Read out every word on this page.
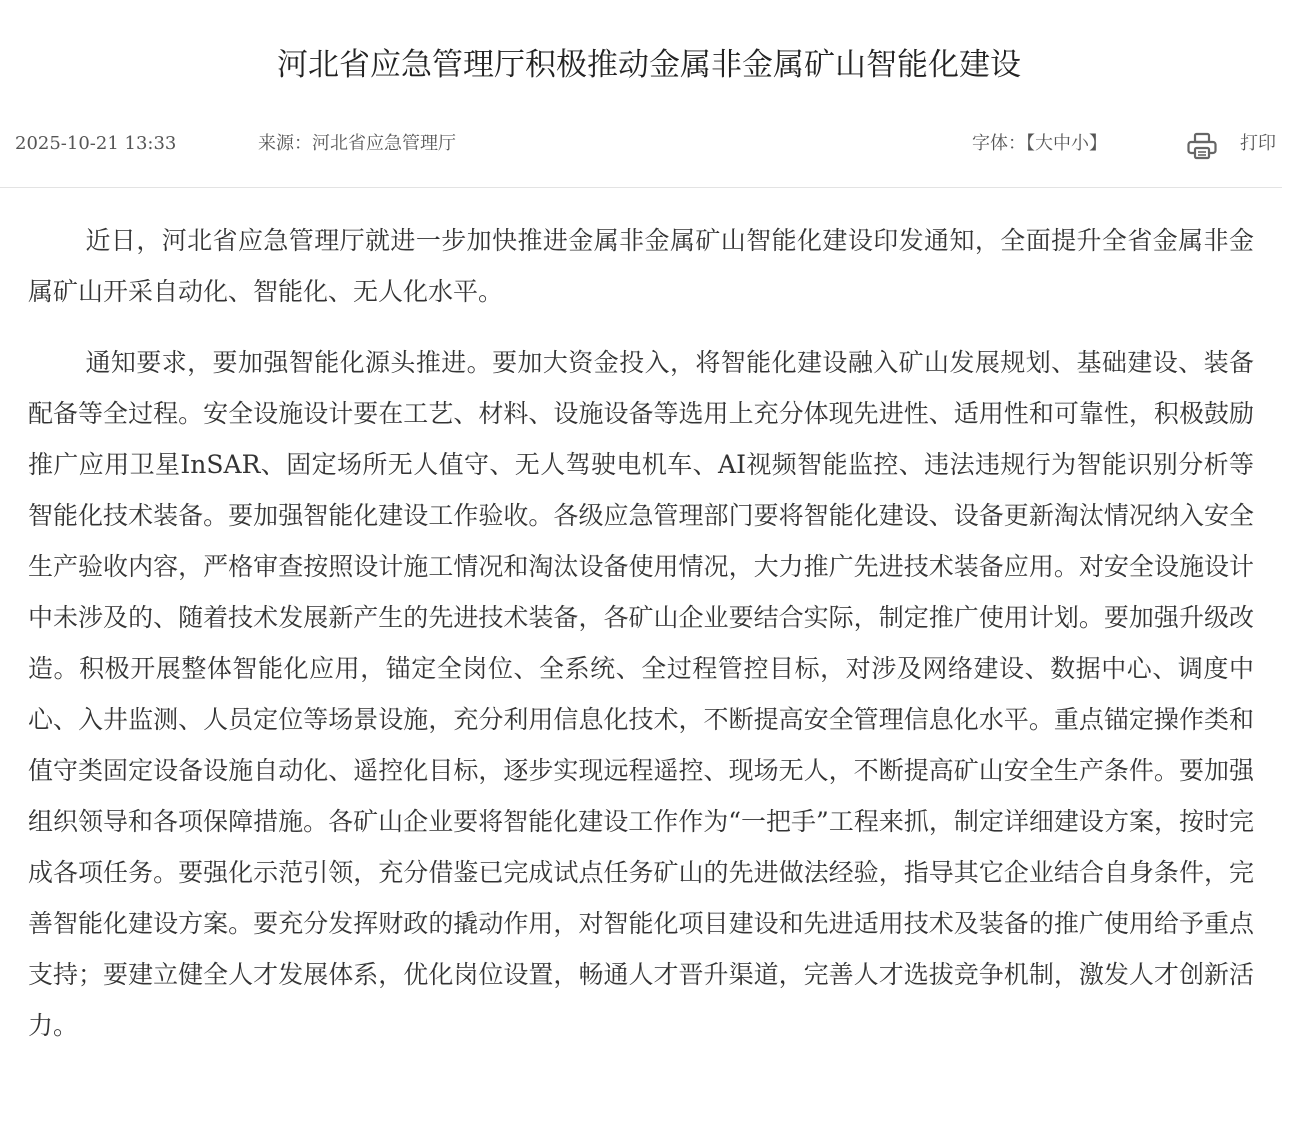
河北省应急管理厅积极推动金属非金属矿山智能化建设
2025-10-21 13:33	来源：河北省应急管理厅	字体：【大中小】	打印

近日，河北省应急管理厅就进一步加快推进金属非金属矿山智能化建设印发通知，全面提升全省金属非金属矿山开采自动化、智能化、无人化水平。

通知要求，要加强智能化源头推进。要加大资金投入，将智能化建设融入矿山发展规划、基础建设、装备配备等全过程。安全设施设计要在工艺、材料、设施设备等选用上充分体现先进性、适用性和可靠性，积极鼓励推广应用卫星InSAR、固定场所无人值守、无人驾驶电机车、AI视频智能监控、违法违规行为智能识别分析等智能化技术装备。要加强智能化建设工作验收。各级应急管理部门要将智能化建设、设备更新淘汰情况纳入安全生产验收内容，严格审查按照设计施工情况和淘汰设备使用情况，大力推广先进技术装备应用。对安全设施设计中未涉及的、随着技术发展新产生的先进技术装备，各矿山企业要结合实际，制定推广使用计划。要加强升级改造。积极开展整体智能化应用，锚定全岗位、全系统、全过程管控目标，对涉及网络建设、数据中心、调度中心、入井监测、人员定位等场景设施，充分利用信息化技术，不断提高安全管理信息化水平。重点锚定操作类和值守类固定设备设施自动化、遥控化目标，逐步实现远程遥控、现场无人，不断提高矿山安全生产条件。要加强组织领导和各项保障措施。各矿山企业要将智能化建设工作作为“一把手”工程来抓，制定详细建设方案，按时完成各项任务。要强化示范引领，充分借鉴已完成试点任务矿山的先进做法经验，指导其它企业结合自身条件，完善智能化建设方案。要充分发挥财政的撬动作用，对智能化项目建设和先进适用技术及装备的推广使用给予重点支持；要建立健全人才发展体系，优化岗位设置，畅通人才晋升渠道，完善人才选拔竞争机制，激发人才创新活力。
